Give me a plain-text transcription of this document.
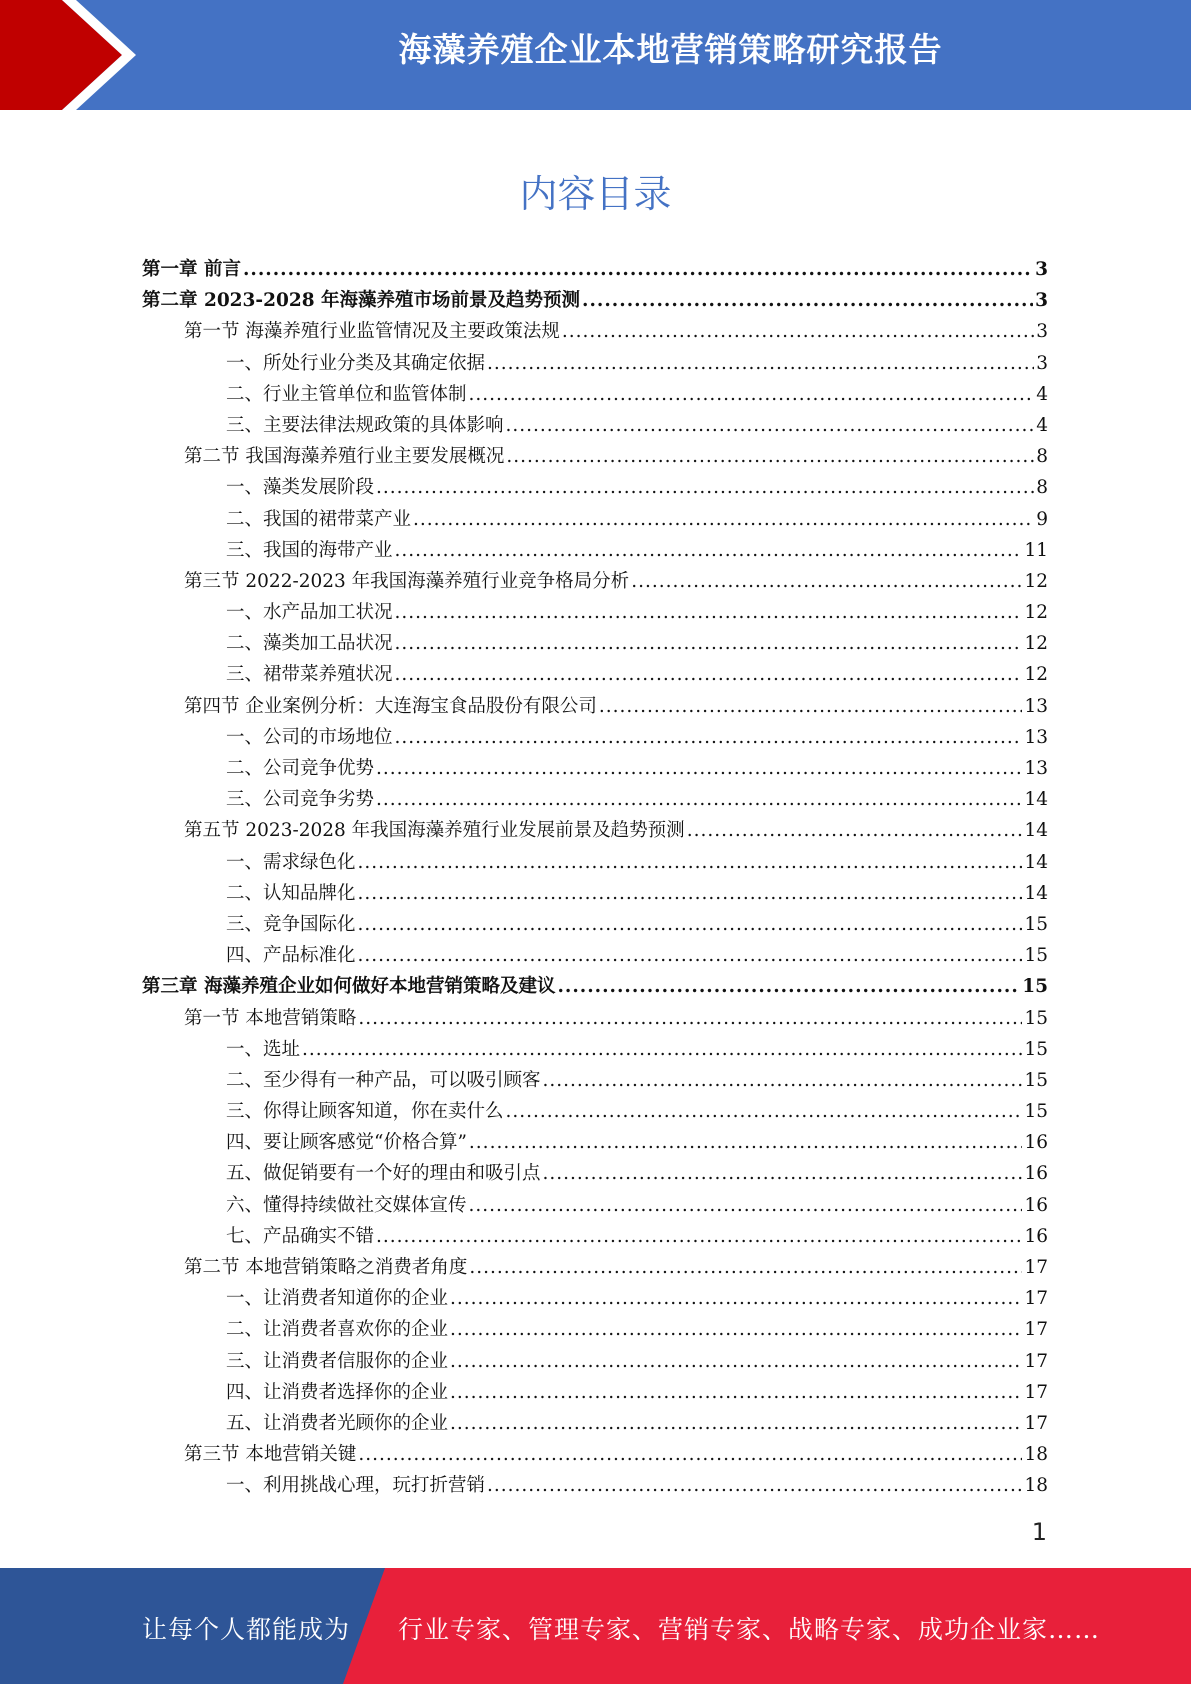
海藻养殖企业本地营销策略研究报告
内容目录
第一章 前言 .....	3
第二章 2023-2028 年海藻养殖市场前景及趋势预测 .....	3
第一节 海藻养殖行业监管情况及主要政策法规 .....	3
一、所处行业分类及其确定依据 .....	3
二、行业主管单位和监管体制 .....	4
三、主要法律法规政策的具体影响 .....	4
第二节 我国海藻养殖行业主要发展概况 .....	8
一、藻类发展阶段 .....	8
二、我国的裙带菜产业 .....	9
三、我国的海带产业 .....	11
第三节 2022-2023 年我国海藻养殖行业竞争格局分析 .....	12
一、水产品加工状况 .....	12
二、藻类加工品状况 .....	12
三、裙带菜养殖状况 .....	12
第四节 企业案例分析：大连海宝食品股份有限公司 .....	13
一、公司的市场地位 .....	13
二、公司竞争优势 .....	13
三、公司竞争劣势 .....	14
第五节 2023-2028 年我国海藻养殖行业发展前景及趋势预测 .....	14
一、需求绿色化 .....	14
二、认知品牌化 .....	14
三、竞争国际化 .....	15
四、产品标准化 .....	15
第三章 海藻养殖企业如何做好本地营销策略及建议 .....	15
第一节 本地营销策略 .....	15
一、选址 .....	15
二、至少得有一种产品，可以吸引顾客 .....	15
三、你得让顾客知道，你在卖什么 .....	15
四、要让顾客感觉“价格合算” .....	16
五、做促销要有一个好的理由和吸引点 .....	16
六、懂得持续做社交媒体宣传 .....	16
七、产品确实不错 .....	16
第二节 本地营销策略之消费者角度 .....	17
一、让消费者知道你的企业 .....	17
二、让消费者喜欢你的企业 .....	17
三、让消费者信服你的企业 .....	17
四、让消费者选择你的企业 .....	17
五、让消费者光顾你的企业 .....	17
第三节 本地营销关键 .....	18
一、利用挑战心理，玩打折营销 .....	18
1
让每个人都能成为 行业专家、管理专家、营销专家、战略专家、成功企业家……
